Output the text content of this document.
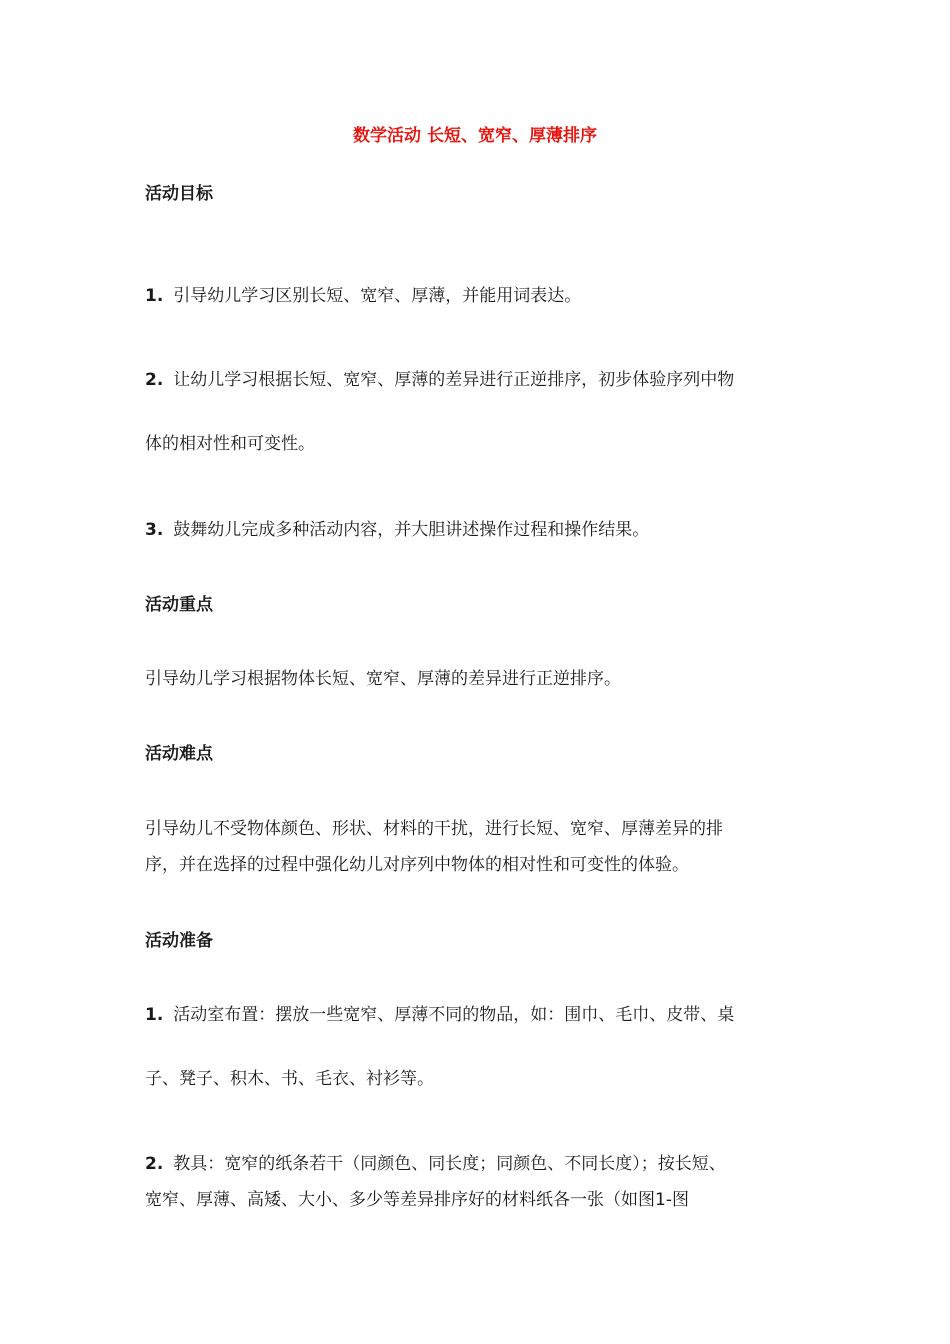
数学活动 长短、宽窄、厚薄排序
活动目标
1. 引导幼儿学习区别长短、宽窄、厚薄，并能用词表达。
2. 让幼儿学习根据长短、宽窄、厚薄的差异进行正逆排序，初步体验序列中物
体的相对性和可变性。
3. 鼓舞幼儿完成多种活动内容，并大胆讲述操作过程和操作结果。
活动重点
引导幼儿学习根据物体长短、宽窄、厚薄的差异进行正逆排序。
活动难点
引导幼儿不受物体颜色、形状、材料的干扰，进行长短、宽窄、厚薄差异的排
序，并在选择的过程中强化幼儿对序列中物体的相对性和可变性的体验。
活动准备
1. 活动室布置：摆放一些宽窄、厚薄不同的物品，如：围巾、毛巾、皮带、桌
子、凳子、积木、书、毛衣、衬衫等。
2. 教具：宽窄的纸条若干（同颜色、同长度；同颜色、不同长度）；按长短、
宽窄、厚薄、高矮、大小、多少等差异排序好的材料纸各一张（如图1-图
